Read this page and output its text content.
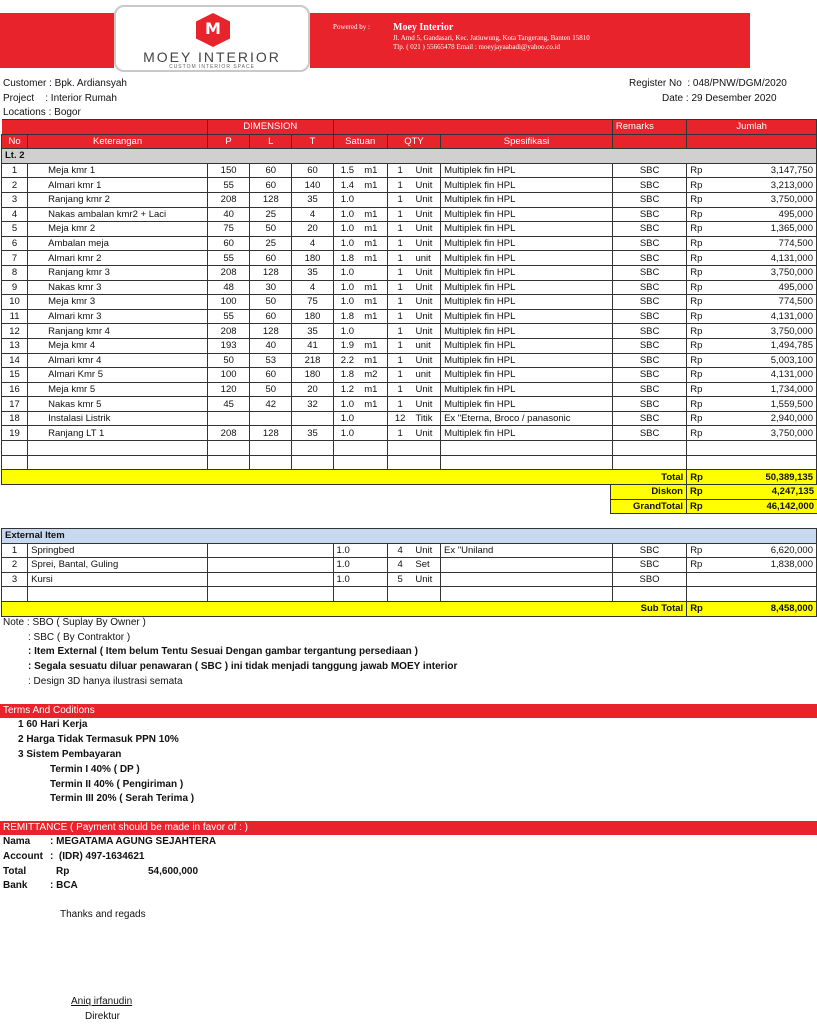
M
MOEY INTERIOR
CUSTOM INTERIOR SPACE
Powered by : Moey Interior
Jl. Amd 5, Gandasari, Kec. Jatiuwung, Kota Tangerang, Banten 15810
Tlp. ( 021 ) 55665478 Email : moeyjayaabadi@yahoo.co.id
Customer : Bpk. Ardiansyah
Project    : Interior Rumah
Locations : Bogor
Register No  : 048/PNW/DGM/2020
Date : 29 Desember 2020
		DIMENSION								Remarks	Jumlah	
No	Keterangan	P	L	T	Satuan		QTY		Spesifikasi			
Lt. 2												
1	Meja kmr 1	150	60	60	1.5	m1	1	Unit	Multiplek fin HPL	SBC	Rp	3,147,750
2	Almari kmr 1	55	60	140	1.4	m1	1	Unit	Multiplek fin HPL	SBC	Rp	3,213,000
3	Ranjang kmr 2	208	128	35	1.0		1	Unit	Multiplek fin HPL	SBC	Rp	3,750,000
4	Nakas ambalan kmr2 + Laci	40	25	4	1.0	m1	1	Unit	Multiplek fin HPL	SBC	Rp	495,000
5	Meja kmr 2	75	50	20	1.0	m1	1	Unit	Multiplek fin HPL	SBC	Rp	1,365,000
6	Ambalan meja	60	25	4	1.0	m1	1	Unit	Multiplek fin HPL	SBC	Rp	774,500
7	Almari kmr 2	55	60	180	1.8	m1	1	unit	Multiplek fin HPL	SBC	Rp	4,131,000
8	Ranjang kmr 3	208	128	35	1.0		1	Unit	Multiplek fin HPL	SBC	Rp	3,750,000
9	Nakas kmr 3	48	30	4	1.0	m1	1	Unit	Multiplek fin HPL	SBC	Rp	495,000
10	Meja kmr 3	100	50	75	1.0	m1	1	Unit	Multiplek fin HPL	SBC	Rp	774,500
11	Almari kmr 3	55	60	180	1.8	m1	1	Unit	Multiplek fin HPL	SBC	Rp	4,131,000
12	Ranjang kmr 4	208	128	35	1.0		1	Unit	Multiplek fin HPL	SBC	Rp	3,750,000
13	Meja kmr 4	193	40	41	1.9	m1	1	unit	Multiplek fin HPL	SBC	Rp	1,494,785
14	Almari kmr 4	50	53	218	2.2	m1	1	Unit	Multiplek fin HPL	SBC	Rp	5,003,100
15	Almari Kmr 5	100	60	180	1.8	m2	1	unit	Multiplek fin HPL	SBC	Rp	4,131,000
16	Meja kmr 5	120	50	20	1.2	m1	1	Unit	Multiplek fin HPL	SBC	Rp	1,734,000
17	Nakas kmr 5	45	42	32	1.0	m1	1	Unit	Multiplek fin HPL	SBC	Rp	1,559,500
18	Instalasi Listrik				1.0		12	Titik	Ex "Eterna, Broco / panasonic	SBC	Rp	2,940,000
19	Ranjang LT 1	208	128	35	1.0		1	Unit	Multiplek fin HPL	SBC	Rp	3,750,000

Total											Rp	50,389,135
Diskon	Rp	4,247,135
GrandTotal	Rp	46,142,000
External Item									
1	Springbed		1.0	4	Unit	Ex "Uniland	SBC	Rp	6,620,000
2	Sprei, Bantal, Guling		1.0	4	Set		SBC	Rp	1,838,000
3	Kursi		1.0	5	Unit		SBO		

Sub Total								Rp	8,458,000
Note : SBO ( Suplay By Owner )
: SBC ( By Contraktor )
: Item External ( Item belum Tentu Sesuai Dengan gambar tergantung persediaan )
: Segala sesuatu diluar penawaran ( SBC ) ini tidak menjadi tanggung jawab MOEY interior
: Design 3D hanya ilustrasi semata
Terms And Coditions
1 60 Hari Kerja
2 Harga Tidak Termasuk PPN 10%
3 Sistem Pembayaran
Termin I 40% ( DP )
Termin II 40% ( Pengiriman )
Termin III 20% ( Serah Terima )
REMITTANCE ( Payment should be made in favor of : )
Nama : MEGATAMA AGUNG SEJAHTERA
Account :  (IDR) 497-1634621
Total	Rp	54,600,000
Bank : BCA
Thanks and regads
Aniq irfanudin
Direktur
